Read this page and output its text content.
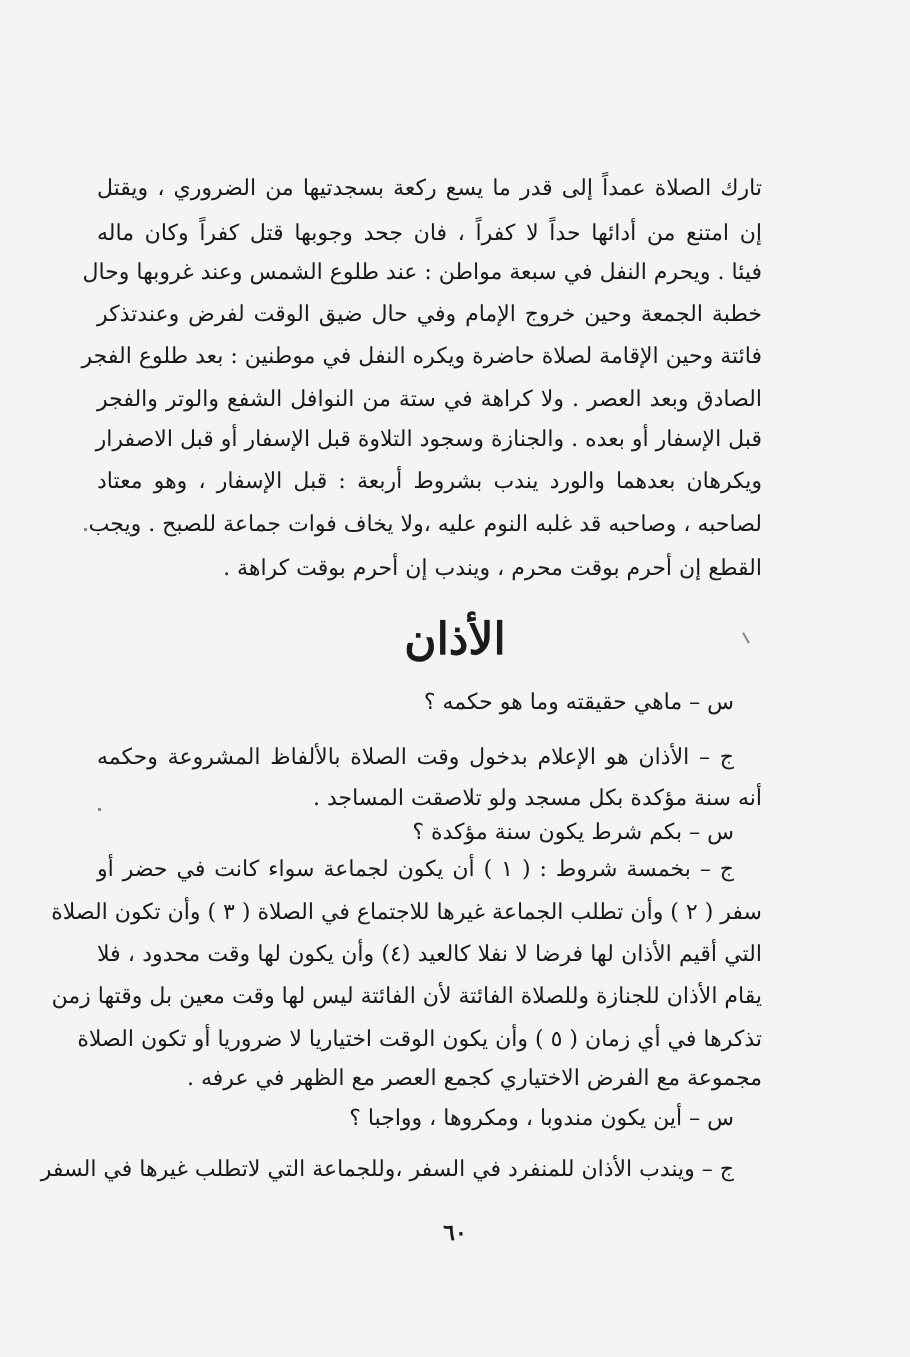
تارك الصلاة عمداً إلى قدر ما يسع ركعة بسجدتيها من الضروري ، ويقتل
إن امتنع من أدائها حداً لا كفراً ، فان جحد وجوبها قتل كفراً وكان ماله
فيئا . ويحرم النفل في سبعة مواطن : عند طلوع الشمس وعند غروبها وحال
خطبة الجمعة وحين خروج الإمام وفي حال ضيق الوقت لفرض وعندتذكر
فائتة وحين الإقامة لصلاة حاضرة ويكره النفل في موطنين : بعد طلوع الفجر
الصادق وبعد العصر . ولا كراهة في ستة من النوافل الشفع والوتر والفجر
قبل الإسفار أو بعده . والجنازة وسجود التلاوة قبل الإسفار أو قبل الاصفرار
ويكرهان بعدهما والورد يندب بشروط أربعة : قبل الإسفار ، وهو معتاد
لصاحبه ، وصاحبه قد غلبه النوم عليه ،ولا يخاف فوات جماعة للصبح . ويجب
القطع إن أحرم بوقت محرم ، ويندب إن أحرم بوقت كراهة .
الأذان
س – ماهي حقيقته وما هو حكمه ؟
ج – الأذان هو الإعلام بدخول وقت الصلاة بالألفاظ المشروعة وحكمه
أنه سنة مؤكدة بكل مسجد ولو تلاصقت المساجد .
س – بكم شرط يكون سنة مؤكدة ؟
ج – بخمسة شروط : ( ١ ) أن يكون لجماعة سواء كانت في حضر أو
سفر ( ٢ ) وأن تطلب الجماعة غيرها للاجتماع في الصلاة ( ٣ ) وأن تكون الصلاة
التي أقيم الأذان لها فرضا لا نفلا كالعيد (٤) وأن يكون لها وقت محدود ، فلا
يقام الأذان للجنازة وللصلاة الفائتة لأن الفائتة ليس لها وقت معين بل وقتها زمن
تذكرها في أي زمان ( ٥ ) وأن يكون الوقت اختياريا لا ضروريا أو تكون الصلاة
مجموعة مع الفرض الاختياري كجمع العصر مع الظهر في عرفه .
س – أين يكون مندوبا ، ومكروها ، وواجبا ؟
ج – ويندب الأذان للمنفرد في السفر ،وللجماعة التي لاتطلب غيرها في السفر
٦٠
